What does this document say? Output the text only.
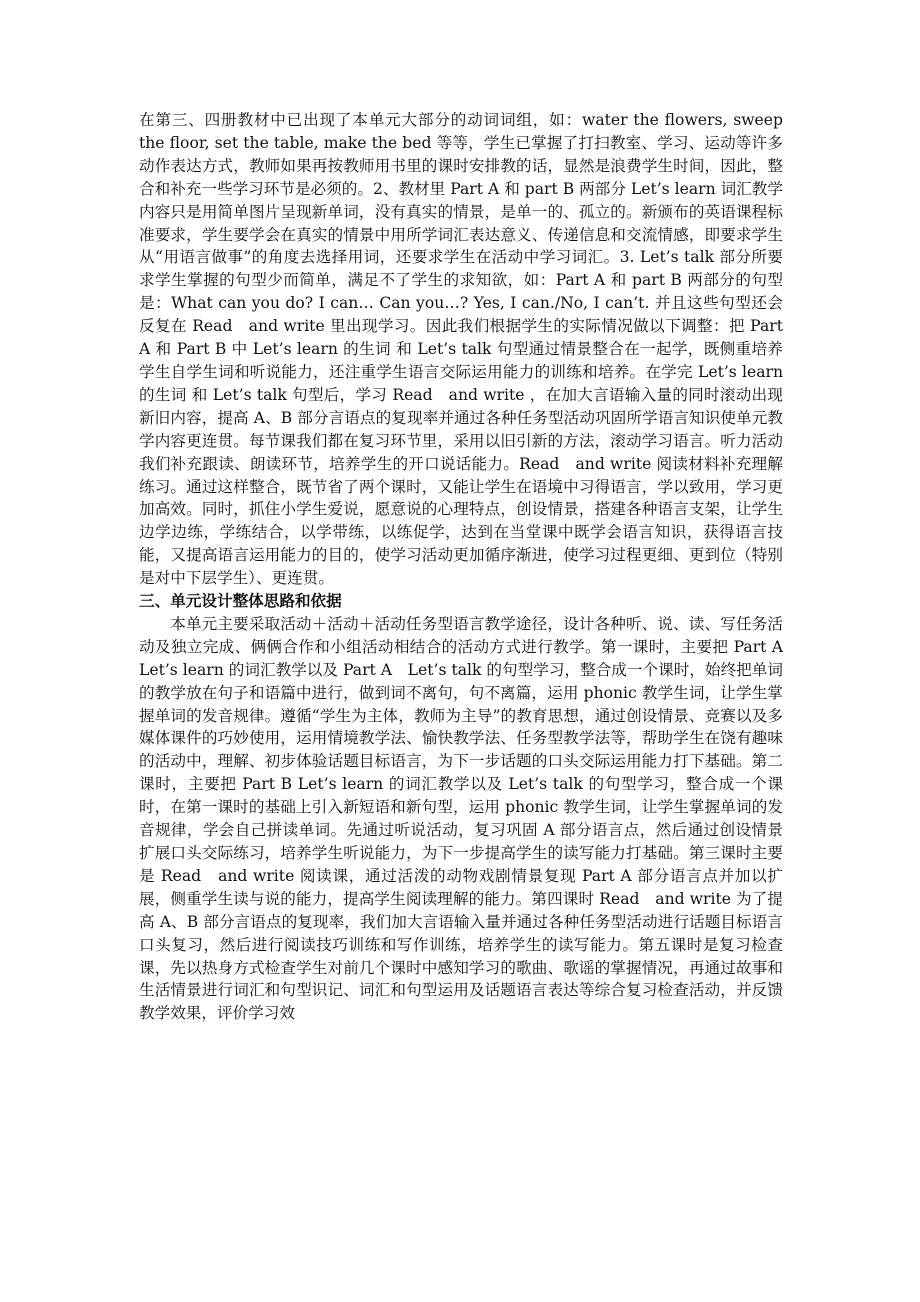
在第三、四册教材中已出现了本单元大部分的动词词组，如：water the flowers, sweep the floor, set the table, make the bed 等等，学生已掌握了打扫教室、学习、运动等许多动作表达方式，教师如果再按教师用书里的课时安排教的话，显然是浪费学生时间，因此，整合和补充一些学习环节是必须的。2、教材里 Part A 和 part B 两部分 Let’s learn 词汇教学内容只是用简单图片呈现新单词，没有真实的情景，是单一的、孤立的。新颁布的英语课程标准要求，学生要学会在真实的情景中用所学词汇表达意义、传递信息和交流情感，即要求学生从“用语言做事”的角度去选择用词，还要求学生在活动中学习词汇。3. Let’s talk 部分所要求学生掌握的句型少而简单，满足不了学生的求知欲，如：Part A 和 part B 两部分的句型是：What can you do? I can… Can you…? Yes, I can./No, I can’t. 并且这些句型还会反复在 Read　and write 里出现学习。因此我们根据学生的实际情况做以下调整：把 Part A 和 Part B 中 Let’s learn 的生词 和 Let’s talk 句型通过情景整合在一起学，既侧重培养学生自学生词和听说能力，还注重学生语言交际运用能力的训练和培养。在学完 Let’s learn 的生词 和 Let’s talk 句型后，学习 Read　and write ，在加大言语输入量的同时滚动出现新旧内容，提高 A、B 部分言语点的复现率并通过各种任务型活动巩固所学语言知识使单元教学内容更连贯。每节课我们都在复习环节里，采用以旧引新的方法，滚动学习语言。听力活动我们补充跟读、朗读环节，培养学生的开口说话能力。Read　and write 阅读材料补充理解练习。通过这样整合，既节省了两个课时，又能让学生在语境中习得语言，学以致用，学习更加高效。同时，抓住小学生爱说，愿意说的心理特点，创设情景，搭建各种语言支架，让学生边学边练，学练结合，以学带练，以练促学，达到在当堂课中既学会语言知识，获得语言技能，又提高语言运用能力的目的，使学习活动更加循序渐进，使学习过程更细、更到位（特别是对中下层学生）、更连贯。

三、单元设计整体思路和依据

本单元主要采取活动＋活动＋活动任务型语言教学途径，设计各种听、说、读、写任务活动及独立完成、俩俩合作和小组活动相结合的活动方式进行教学。第一课时，主要把 Part A Let’s learn 的词汇教学以及 Part A　Let’s talk 的句型学习，整合成一个课时，始终把单词的教学放在句子和语篇中进行，做到词不离句，句不离篇，运用 phonic 教学生词，让学生掌握单词的发音规律。遵循“学生为主体，教师为主导”的教育思想，通过创设情景、竞赛以及多媒体课件的巧妙使用，运用情境教学法、愉快教学法、任务型教学法等，帮助学生在饶有趣味的活动中，理解、初步体验话题目标语言，为下一步话题的口头交际运用能力打下基础。第二课时，主要把 Part B Let’s learn 的词汇教学以及 Let’s talk 的句型学习，整合成一个课时，在第一课时的基础上引入新短语和新句型，运用 phonic 教学生词，让学生掌握单词的发音规律，学会自己拼读单词。先通过听说活动，复习巩固 A 部分语言点，然后通过创设情景扩展口头交际练习，培养学生听说能力，为下一步提高学生的读写能力打基础。第三课时主要是 Read　and write 阅读课，通过活泼的动物戏剧情景复现 Part A 部分语言点并加以扩展，侧重学生读与说的能力，提高学生阅读理解的能力。第四课时 Read　and write 为了提高 A、B 部分言语点的复现率，我们加大言语输入量并通过各种任务型活动进行话题目标语言口头复习，然后进行阅读技巧训练和写作训练，培养学生的读写能力。第五课时是复习检查课，先以热身方式检查学生对前几个课时中感知学习的歌曲、歌谣的掌握情况，再通过故事和生活情景进行词汇和句型识记、词汇和句型运用及话题语言表达等综合复习检查活动，并反馈教学效果，评价学习效
